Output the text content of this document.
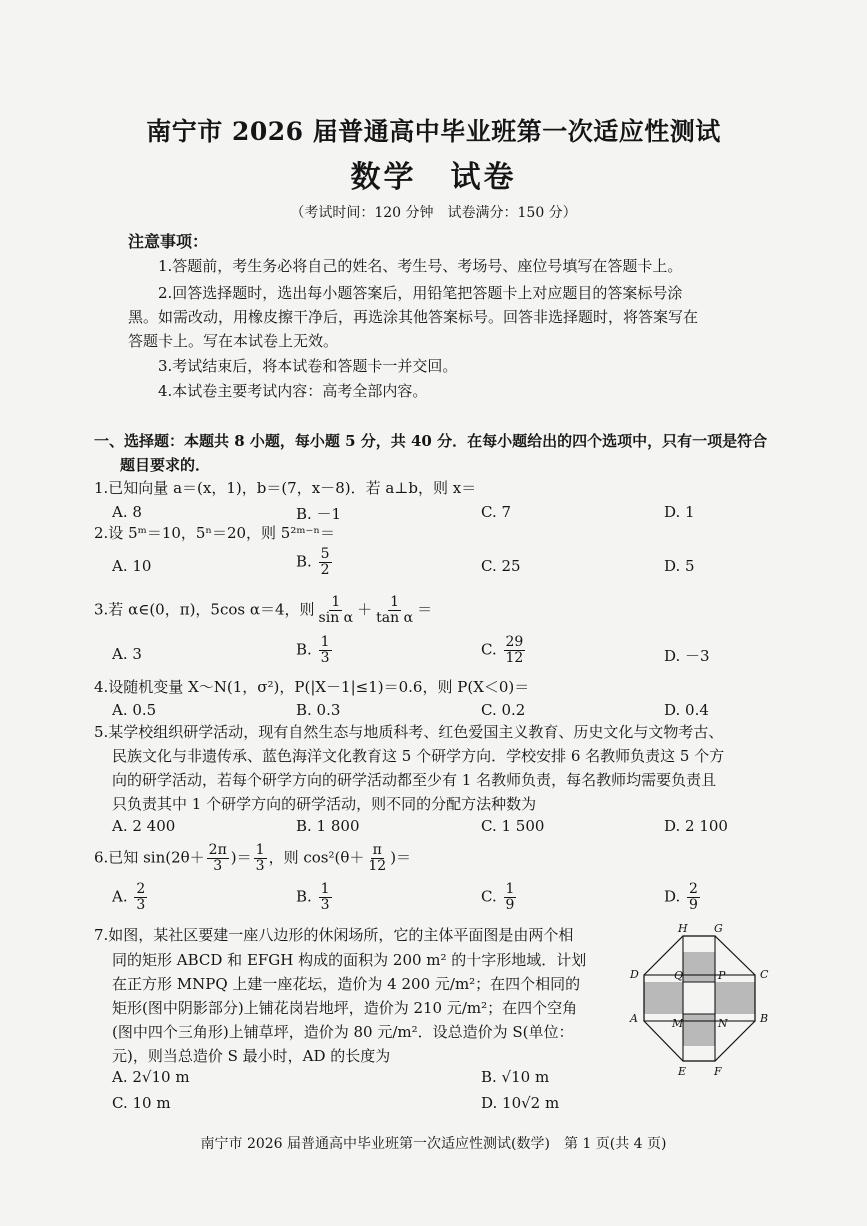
南宁市 2026 届普通高中毕业班第一次适应性测试
数学 试卷
（考试时间：120 分钟　试卷满分：150 分）
注意事项：
1.答题前，考生务必将自己的姓名、考生号、考场号、座位号填写在答题卡上。
2.回答选择题时，选出每小题答案后，用铅笔把答题卡上对应题目的答案标号涂
黑。如需改动，用橡皮擦干净后，再选涂其他答案标号。回答非选择题时，将答案写在
答题卡上。写在本试卷上无效。
3.考试结束后，将本试卷和答题卡一并交回。
4.本试卷主要考试内容：高考全部内容。
一、选择题：本题共 8 小题，每小题 5 分，共 40 分．在每小题给出的四个选项中，只有一项是符合
题目要求的．
1.已知向量 a＝(x，1)，b＝(7，x－8)．若 a⊥b，则 x＝
A. 8	B. －1	C. 7	D. 1
2.设 5ᵐ＝10，5ⁿ＝20，则 5²ᵐ⁻ⁿ＝
A. 10	B. $\frac{5}{2}$	C. 25	D. 5
3.若 α∈(0，π)，5cos α＝4，则 $\frac{1}{\text{sin α}} + \frac{1}{\text{tan α}}$ ＝
A. 3	B. $\frac{1}{3}$	C. $\frac{29}{12}$	D. －3
4.设随机变量 X～N(1，σ²)，P(|X－1|≤1)＝0.6，则 P(X＜0)＝
A. 0.5	B. 0.3	C. 0.2	D. 0.4
5.某学校组织研学活动，现有自然生态与地质科考、红色爱国主义教育、历史文化与文物考古、
民族文化与非遗传承、蓝色海洋文化教育这 5 个研学方向．学校安排 6 名教师负责这 5 个方
向的研学活动，若每个研学方向的研学活动都至少有 1 名教师负责，每名教师均需要负责且
只负责其中 1 个研学方向的研学活动，则不同的分配方法种数为
A. 2 400	B. 1 800	C. 1 500	D. 2 100
6.已知 $\sin(2\theta+ \frac{2\pi}{3}$ )＝ $\frac{1}{3}$ ，则 $\cos^2(\theta+ \frac{\pi}{12}$ )＝
A. $\frac{2}{3}$	B. $\frac{1}{3}$	C. $\frac{1}{9}$	D. $\frac{2}{9}$
7.如图，某社区要建一座八边形的休闲场所，它的主体平面图是由两个相
同的矩形 ABCD 和 EFGH 构成的面积为 200 m² 的十字形地域．计划
在正方形 MNPQ 上建一座花坛，造价为 4 200 元/m²；在四个相同的
矩形(图中阴影部分)上铺花岗岩地坪，造价为 210 元/m²；在四个空角
(图中四个三角形)上铺草坪，造价为 80 元/m²．设总造价为 S(单位：
元)，则当总造价 S 最小时，AD 的长度为
A. 2√10 m	B. √10 m
C. 10 m	D. 10√2 m
H G
C
B
F
E
A
D	Q	P
M	N
南宁市 2026 届普通高中毕业班第一次适应性测试(数学)　第 1 页(共 4 页)
